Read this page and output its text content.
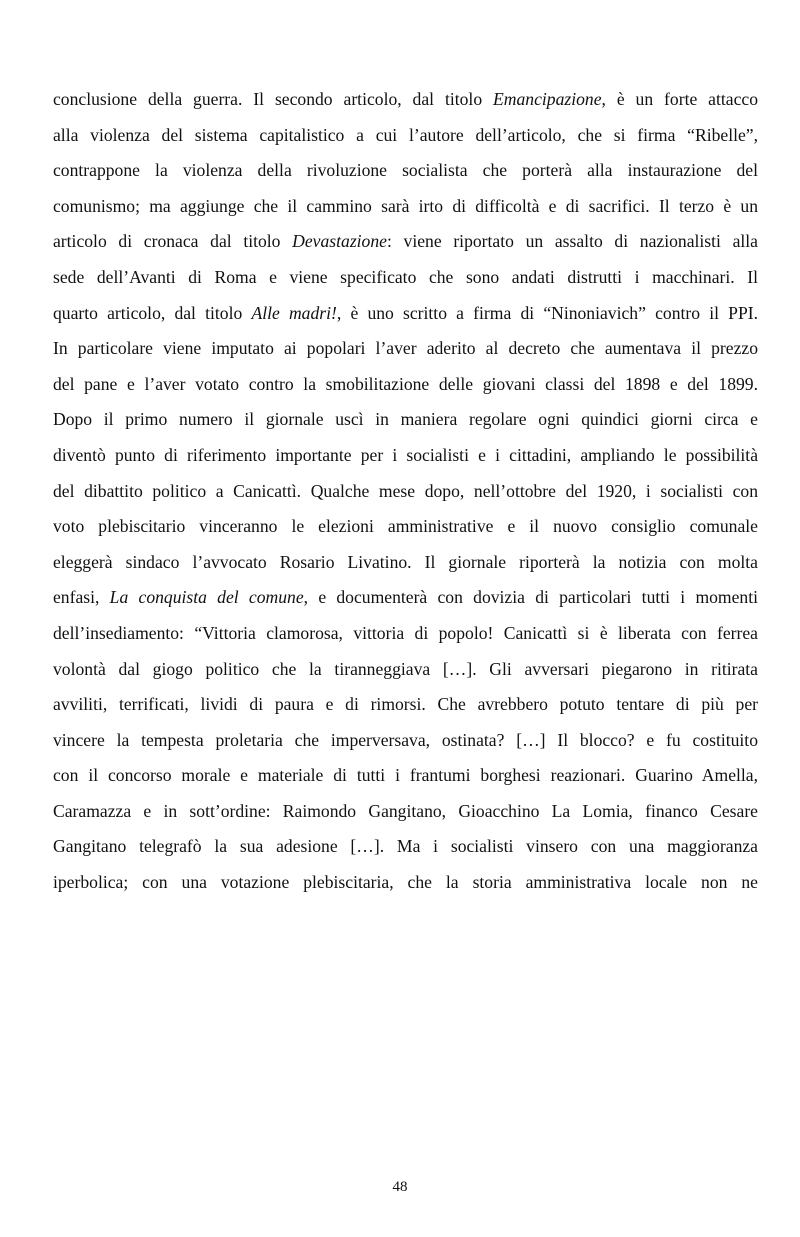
conclusione della guerra. Il secondo articolo, dal titolo Emancipazione, è un forte attacco
alla violenza del sistema capitalistico a cui l’autore dell’articolo, che si firma “Ribelle”,
contrappone la violenza della rivoluzione socialista che porterà alla instaurazione del
comunismo; ma aggiunge che il cammino sarà irto di difficoltà e di sacrifici. Il terzo è un
articolo di cronaca dal titolo Devastazione: viene riportato un assalto di nazionalisti alla
sede dell’Avanti di Roma e viene specificato che sono andati distrutti i macchinari. Il
quarto articolo, dal titolo Alle madri!, è uno scritto a firma di “Ninoniavich” contro il PPI.
In particolare viene imputato ai popolari l’aver aderito al decreto che aumentava il prezzo
del pane e l’aver votato contro la smobilitazione delle giovani classi del 1898 e del 1899.
Dopo il primo numero il giornale uscì in maniera regolare ogni quindici giorni circa e
diventò punto di riferimento importante per i socialisti e i cittadini, ampliando le possibilità
del dibattito politico a Canicattì. Qualche mese dopo, nell’ottobre del 1920, i socialisti con
voto plebiscitario vinceranno le elezioni amministrative e il nuovo consiglio comunale
eleggerà sindaco l’avvocato Rosario Livatino. Il giornale riporterà la notizia con molta
enfasi, La conquista del comune, e documenterà con dovizia di particolari tutti i momenti
dell’insediamento: “Vittoria clamorosa, vittoria di popolo! Canicattì si è liberata con ferrea
volontà dal giogo politico che la tiranneggiava […]. Gli avversari piegarono in ritirata
avviliti, terrificati, lividi di paura e di rimorsi. Che avrebbero potuto tentare di più per
vincere la tempesta proletaria che imperversava, ostinata? […] Il blocco? e fu costituito
con il concorso morale e materiale di tutti i frantumi borghesi reazionari. Guarino Amella,
Caramazza e in sott’ordine: Raimondo Gangitano, Gioacchino La Lomia, financo Cesare
Gangitano telegrafò la sua adesione […]. Ma i socialisti vinsero con una maggioranza
iperbolica; con una votazione plebiscitaria, che la storia amministrativa locale non ne
48
